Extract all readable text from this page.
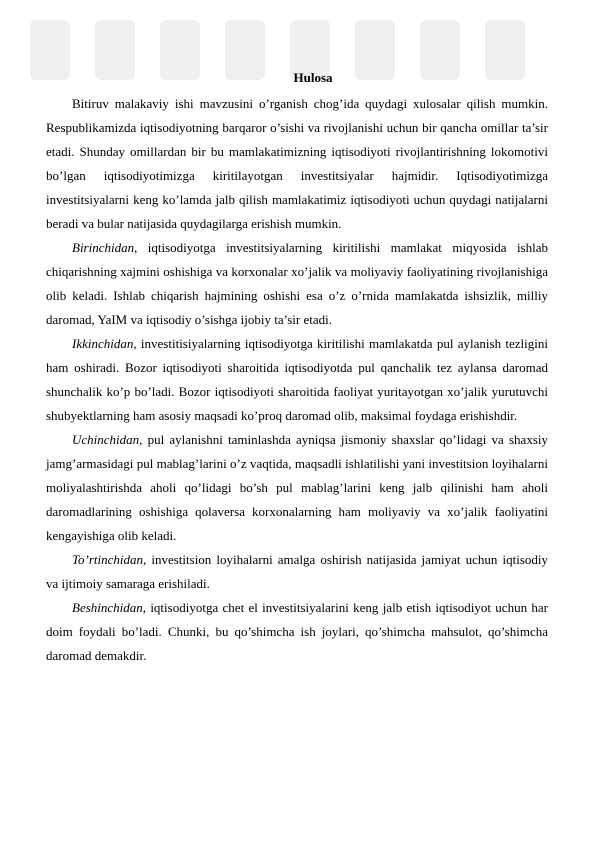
Hulosa

Bitiruv malakaviy ishi mavzusini o’rganish chog’ida quydagi xulosalar qilish mumkin. Respublikamizda iqtisodiyotning barqaror o’sishi va rivojlanishi uchun bir qancha omillar ta’sir etadi. Shunday omillardan bir bu mamlakatimizning iqtisodiyoti rivojlantirishning lokomotivi bo’lgan iqtisodiyotimizga kiritilayotgan investitsiyalar hajmidir. Iqtisodiyotimizga investitsiyalarni keng ko’lamda jalb qilish mamlakatimiz iqtisodiyoti uchun quydagi natijalarni beradi va bular natijasida quydagilarga erishish mumkin.

Birinchidan, iqtisodiyotga investitsiyalarning kiritilishi mamlakat miqyosida ishlab chiqarishning xajmini oshishiga va korxonalar xo’jalik va moliyaviy faoliyatining rivojlanishiga olib keladi. Ishlab chiqarish hajmining oshishi esa o’z o’rnida mamlakatda ishsizlik, milliy daromad, YaIM va iqtisodiy o’sishga ijobiy ta’sir etadi.

Ikkinchidan, investitisiyalarning iqtisodiyotga kiritilishi mamlakatda pul aylanish tezligini ham oshiradi. Bozor iqtisodiyoti sharoitida iqtisodiyotda pul qanchalik tez aylansa daromad shunchalik ko’p bo’ladi. Bozor iqtisodiyoti sharoitida faoliyat yuritayotgan xo’jalik yurutuvchi shubyektlarning ham asosiy maqsadi ko’proq daromad olib, maksimal foydaga erishishdir.

Uchinchidan, pul aylanishni taminlashda ayniqsa jismoniy shaxslar qo’lidagi va shaxsiy jamg’armasidagi pul mablag’larini o’z vaqtida, maqsadli ishlatilishi yani investitsion loyihalarni moliyalashtirishda aholi qo’lidagi bo’sh pul mablag’larini keng jalb qilinishi ham aholi daromadlarining oshishiga qolaversa korxonalarning ham moliyaviy va xo’jalik faoliyatini kengayishiga olib keladi.

To’rtinchidan, investitsion loyihalarni amalga oshirish natijasida jamiyat uchun iqtisodiy va ijtimoiy samaraga erishiladi.

Beshinchidan, iqtisodiyotga chet el investitsiyalarini keng jalb etish iqtisodiyot uchun har doim foydali bo’ladi. Chunki, bu qo’shimcha ish joylari, qo’shimcha mahsulot, qo’shimcha daromad demakdir.
